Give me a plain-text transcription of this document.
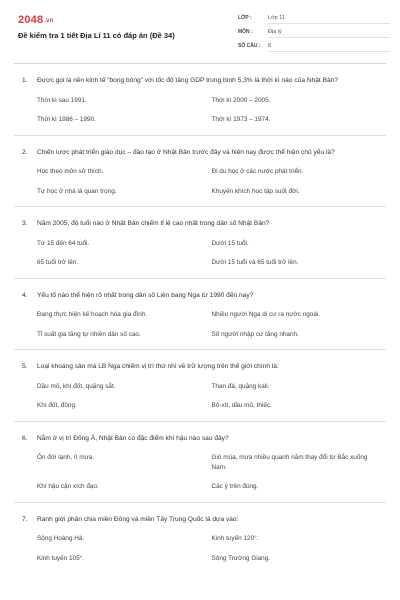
2048.vn
Đề kiểm tra 1 tiết Địa Lí 11 có đáp án (Đề 34)
LỚP :	Lớp 11
MÔN :	Địa lý
SỐ CÂU :	8
1.	Được gọi là nền kinh tế “bong bóng” với tốc độ tăng GDP trung bình 5,3% là thời kì nào của Nhật Bản?
Thời kì sau 1991.	Thời kì 2000 – 2005.
Thời kì 1986 – 1990.	Thời kì 1973 – 1974.
2.	Chiến lược phát triển giáo dục – đào tạo ở Nhật Bản trước đây và hiện nay được thể hiện chủ yếu là?
Học theo môn sở thích.	Đi du học ở các nước phát triển.
Tự học ở nhà là quan trọng.	Khuyến khích học tập suốt đời.
3.	Năm 2005, độ tuổi nào ở Nhật Bản chiếm tỉ lệ cao nhất trong dân số Nhật Bản?
Từ 15 đến 64 tuổi.	Dưới 15 tuổi.
65 tuổi trở lên.	Dưới 15 tuổi và 65 tuổi trở lên.
4.	Yếu tố nào thể hiện rõ nhất trong dân số Liên bang Nga từ 1990 đến nay?
Đang thực hiện kế hoạch hóa gia đình.	Nhiều người Nga di cư ra nước ngoài.
Tỉ suất gia tăng tự nhiên dân số cao.	Số người nhập cư tăng nhanh.
5.	Loại khoáng sản mà LB Nga chiếm vị trí thứ nhì về trữ lượng trên thế giới chính là:
Dầu mỏ, khí đốt, quặng sắt.	Than đá, quặng kali.
Khí đốt, đồng.	Bô-xít, dầu mỏ, thiếc.
6.	Nằm ở vị trí Đông Á, Nhật Bản có đặc điểm khí hậu nào sau đây?
Ôn đới lạnh, ít mưa.	Gió mùa, mưa nhiều quanh năm thay đổi từ Bắc xuống Nam.
Khí hậu cận xích đạo.	Các ý trên đúng.
7.	Ranh giới phân chia miền Đông và miền Tây Trung Quốc là dựa vào:
Sông Hoàng Hà.	Kinh tuyến 120°.
Kinh tuyến 105°.	Sông Trường Giang.
